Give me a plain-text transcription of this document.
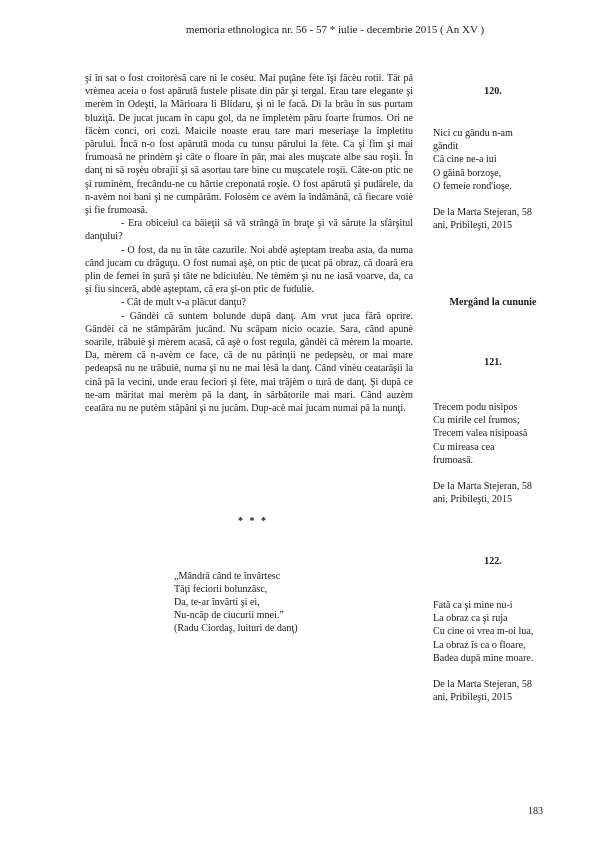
memoria ethnologica nr. 56 - 57 * iulie - decembrie 2015 ( An XV )

şi în sat o fost croitorèsă care ni le cosèu. Mai puţâne fète îşi făcèu rotii. Tăt pă vrèmea aceia o fost apărută fustele plisate din păr şi tergal. Erau tare elegante şi merèm în Odeşti, la Mărioara li Blidaru, şi ni le facă. Di la brău în sus purtam bluziţă. De jucat jucam în capu gol, da ne împletèm păru foarte frumos. Ori ne făcèm conci, ori cozi. Maicile noaste erau tare mari meseriaşe la împletitu părului. Încă n-o fost apărută moda cu tunsu părului la fète. Ca şi fim şi mai frumoasă ne prindèm şi câte o floare în păr, mai ales muşcate albe sau roşii. În danţ ni să roşèu obrajii şi să asortau tare bine cu muşcatele roşii. Câte-on ptic ne şi ruminèm, frecându-ne cu hârtie creponată roşie. O fost apărută şi pudărele, da n-avèm noi bani şi ne cumpărăm. Folosèm ce avèm la îndâmână, că fiecare voiè şi fie frumoasă.

- Era obiceiul ca băieţii să vă strângă în braţe şi vă sărute la sfârşitul danţului?

- O fost, da nu în tăte cazurile. Noi abdè aşteptam treaba asta, da numa când jucam cu drăguţu. O fost numai aşè, on ptic de ţucat pă obraz, că doară era plin de femei în şură şi tăte ne bdiciulèu. Ne tèmèm şi nu ne iasă voarve, da, ca şi fiu sinceră, abdè aşteptam, că era şi-on ptic de fudulie.

- Cât de mult v-a plăcut danţu?

- Gândèi că suntem bolunde după danţ. Am vrut juca fără oprire. Gândèi că ne stâmpărăm jucând. Nu scăpam nicio ocazie. Sara, când apunè soarile, trăbuiè şi mèrem acasă, că aşè o fost regula, gândèi că mèrem la moarte. Da, mèrem că n-avèm ce face, că de nu părinţii ne pedepsèu, or mai mare pedeapsă nu ne trăbuiè, numa şi nu ne mai lèsă la danţ. Când vinèu ceatarăşii la cină pă la vecini, unde erau feciori şi fète, mai trăjèm o tură de danţ. Şi după ce ne-am măritat mai merèm pă la danţ, în sărbătorile mai mari. Când auzèm ceatăra nu ne putèm stăpâni şi nu jucăm. Dup-acè mai jucam numai pă la nunţi.

* * *
„Mândră când te învârtesc
Tăţi feciorii bolunzăsc,
Da, te-ar învârti şi ei,
Nu-ncăp de ciucurii mnei.”
(Radu Ciordaş, luituri de danţ)
120.
Nici cu gându n-am
gândit
Că cine ne-a iui
O găină borzoşe,
O femeie rond'ioşe.
De la Marta Stejeran, 58
ani, Pribileşti, 2015
Mergând la cununie
121.
Trecem podu nisipos
Cu mirile cel frumos;
Trecem valea nisipoasă
Cu mireasa cea
frumoasă.
De la Marta Stejeran, 58
ani, Pribileşti, 2015
122.
Fată ca şi mine nu-i
La obraz ca şi ruja
Cu cine oi vrea m-oi lua,
La obraz îs ca o floare,
Badea după mine moare.
De la Marta Stejeran, 58
ani, Pribileşti, 2015
183
